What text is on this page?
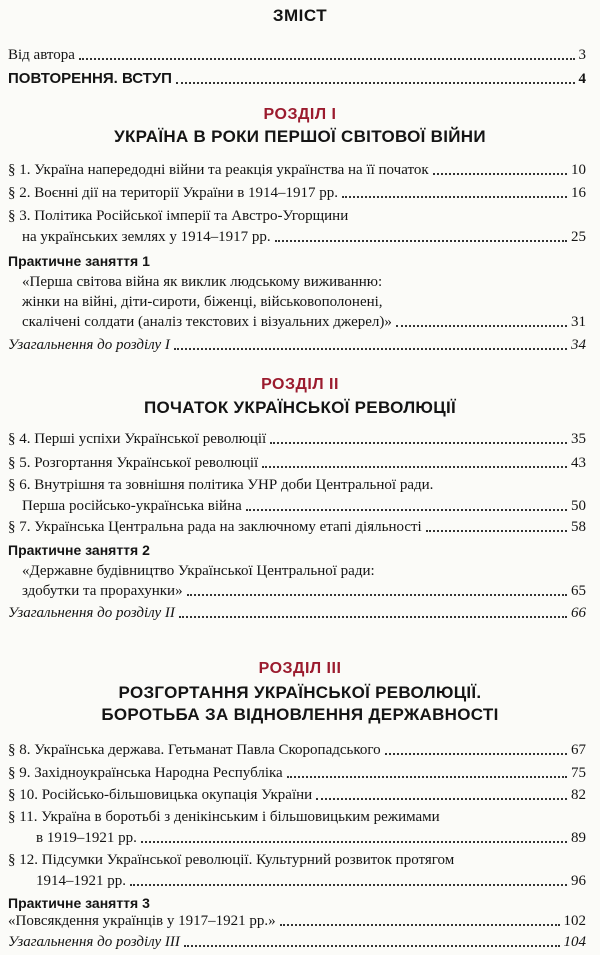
ЗМІСТ
Від автора	3
ПОВТОРЕННЯ. ВСТУП	4
РОЗДІЛ I
УКРАЇНА В РОКИ ПЕРШОЇ СВІТОВОЇ ВІЙНИ
§ 1. Україна напередодні війни та реакція українства на її початок	10
§ 2. Воєнні дії на території України в 1914–1917 рр.	16
§ 3. Політика Російської імперії та Австро-Угорщини
на українських землях у 1914–1917 рр.	25
Практичне заняття 1
«Перша світова війна як виклик людському виживанню:
жінки на війні, діти-сироти, біженці, військовополонені,
скалічені солдати (аналіз текстових і візуальних джерел)»	31
Узагальнення до розділу I	34
РОЗДІЛ II
ПОЧАТОК УКРАЇНСЬКОЇ РЕВОЛЮЦІЇ
§ 4. Перші успіхи Української революції	35
§ 5. Розгортання Української революції	43
§ 6. Внутрішня та зовнішня політика УНР доби Центральної ради.
Перша російсько-українська війна	50
§ 7. Українська Центральна рада на заключному етапі діяльності	58
Практичне заняття 2
«Державне будівництво Української Центральної ради:
здобутки та прорахунки»	65
Узагальнення до розділу II	66
РОЗДІЛ III
РОЗГОРТАННЯ УКРАЇНСЬКОЇ РЕВОЛЮЦІЇ.
БОРОТЬБА ЗА ВІДНОВЛЕННЯ ДЕРЖАВНОСТІ
§ 8. Українська держава. Гетьманат Павла Скоропадського	67
§ 9. Західноукраїнська Народна Республіка	75
§ 10. Російсько-більшовицька окупація України	82
§ 11. Україна в боротьбі з денікінським і більшовицьким режимами
в 1919–1921 рр.	89
§ 12. Підсумки Української революції. Культурний розвиток протягом
1914–1921 рр.	96
Практичне заняття 3
«Повсякдення українців у 1917–1921 рр.»	102
Узагальнення до розділу III	104
